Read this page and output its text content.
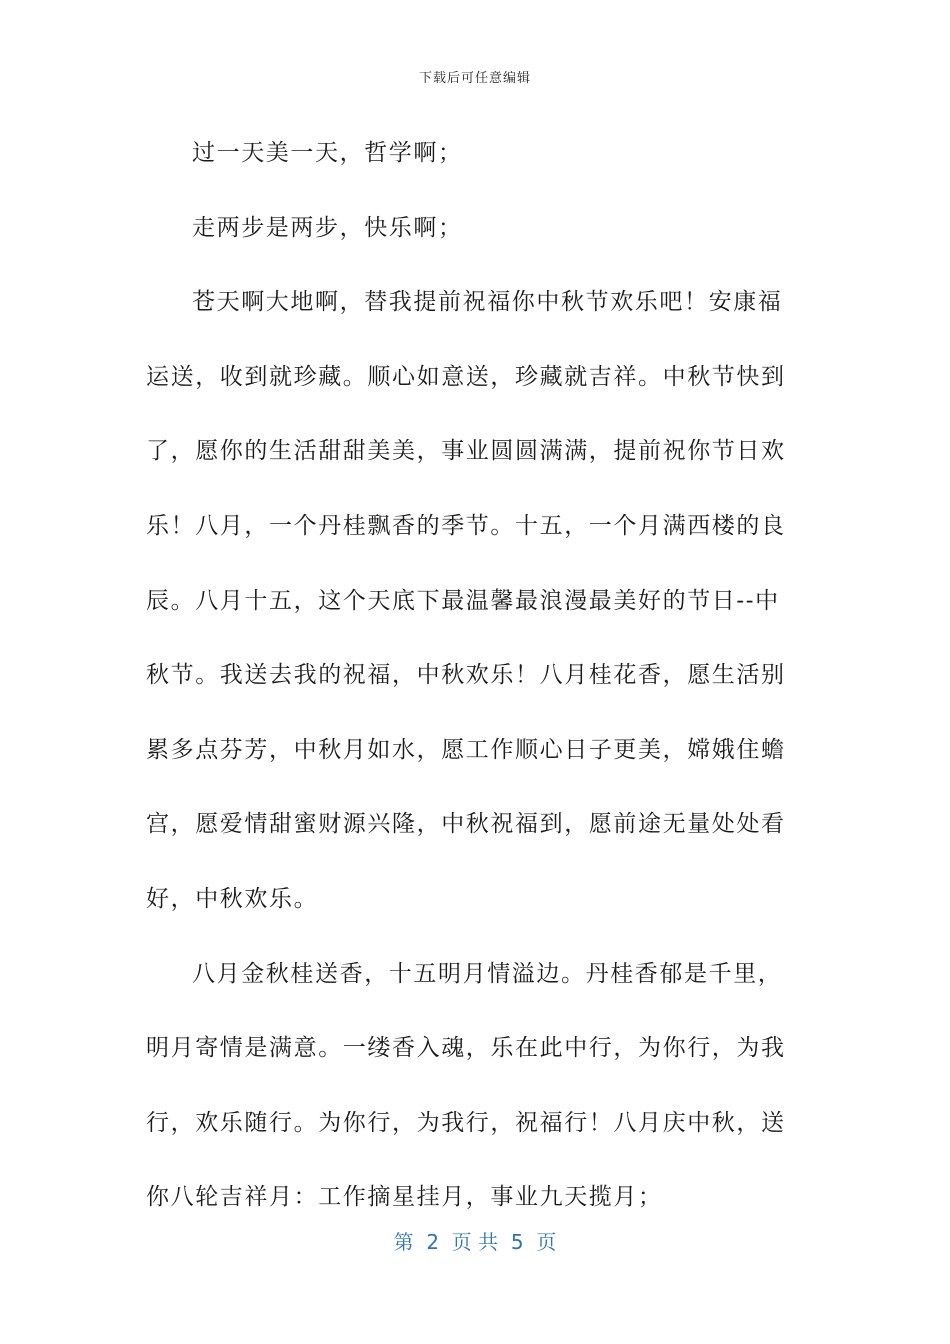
下载后可任意编辑

过一天美一天，哲学啊；

走两步是两步，快乐啊；

苍天啊大地啊，替我提前祝福你中秋节欢乐吧！安康福运送，收到就珍藏。顺心如意送，珍藏就吉祥。中秋节快到了，愿你的生活甜甜美美，事业圆圆满满，提前祝你节日欢乐！八月，一个丹桂飘香的季节。十五，一个月满西楼的良辰。八月十五，这个天底下最温馨最浪漫最美好的节日--中秋节。我送去我的祝福，中秋欢乐！八月桂花香，愿生活别累多点芬芳，中秋月如水，愿工作顺心日子更美，嫦娥住蟾宫，愿爱情甜蜜财源兴隆，中秋祝福到，愿前途无量处处看好，中秋欢乐。

八月金秋桂送香，十五明月情溢边。丹桂香郁是千里，明月寄情是满意。一缕香入魂，乐在此中行，为你行，为我行，欢乐随行。为你行，为我行，祝福行！八月庆中秋，送你八轮吉祥月：工作摘星挂月，事业九天揽月；

第  2  页 共  5  页
